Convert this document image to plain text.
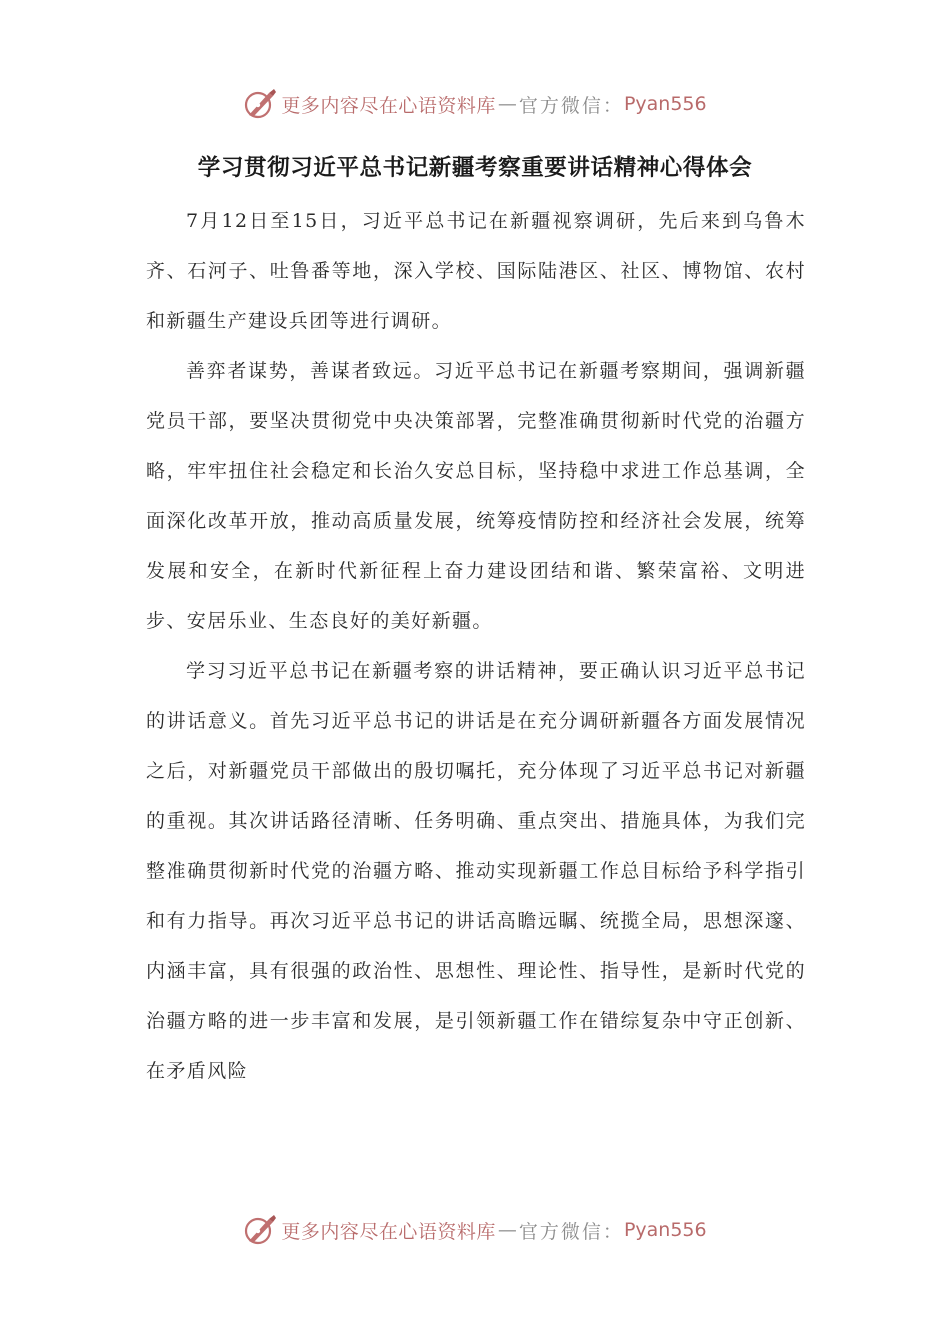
更多内容尽在心语资料库 — 官方微信： Pyan556
学习贯彻习近平总书记新疆考察重要讲话精神心得体会

7月12日至15日，习近平总书记在新疆视察调研，先后来到乌鲁木齐、石河子、吐鲁番等地，深入学校、国际陆港区、社区、博物馆、农村和新疆生产建设兵团等进行调研。

善弈者谋势，善谋者致远。习近平总书记在新疆考察期间，强调新疆党员干部，要坚决贯彻党中央决策部署，完整准确贯彻新时代党的治疆方略，牢牢扭住社会稳定和长治久安总目标，坚持稳中求进工作总基调，全面深化改革开放，推动高质量发展，统筹疫情防控和经济社会发展，统筹发展和安全，在新时代新征程上奋力建设团结和谐、繁荣富裕、文明进步、安居乐业、生态良好的美好新疆。

学习习近平总书记在新疆考察的讲话精神，要正确认识习近平总书记的讲话意义。首先习近平总书记的讲话是在充分调研新疆各方面发展情况之后，对新疆党员干部做出的殷切嘱托，充分体现了习近平总书记对新疆的重视。其次讲话路径清晰、任务明确、重点突出、措施具体，为我们完整准确贯彻新时代党的治疆方略、推动实现新疆工作总目标给予科学指引和有力指导。再次习近平总书记的讲话高瞻远瞩、统揽全局，思想深邃、内涵丰富，具有很强的政治性、思想性、理论性、指导性，是新时代党的治疆方略的进一步丰富和发展，是引领新疆工作在错综复杂中守正创新、在矛盾风险

更多内容尽在心语资料库 — 官方微信： Pyan556
